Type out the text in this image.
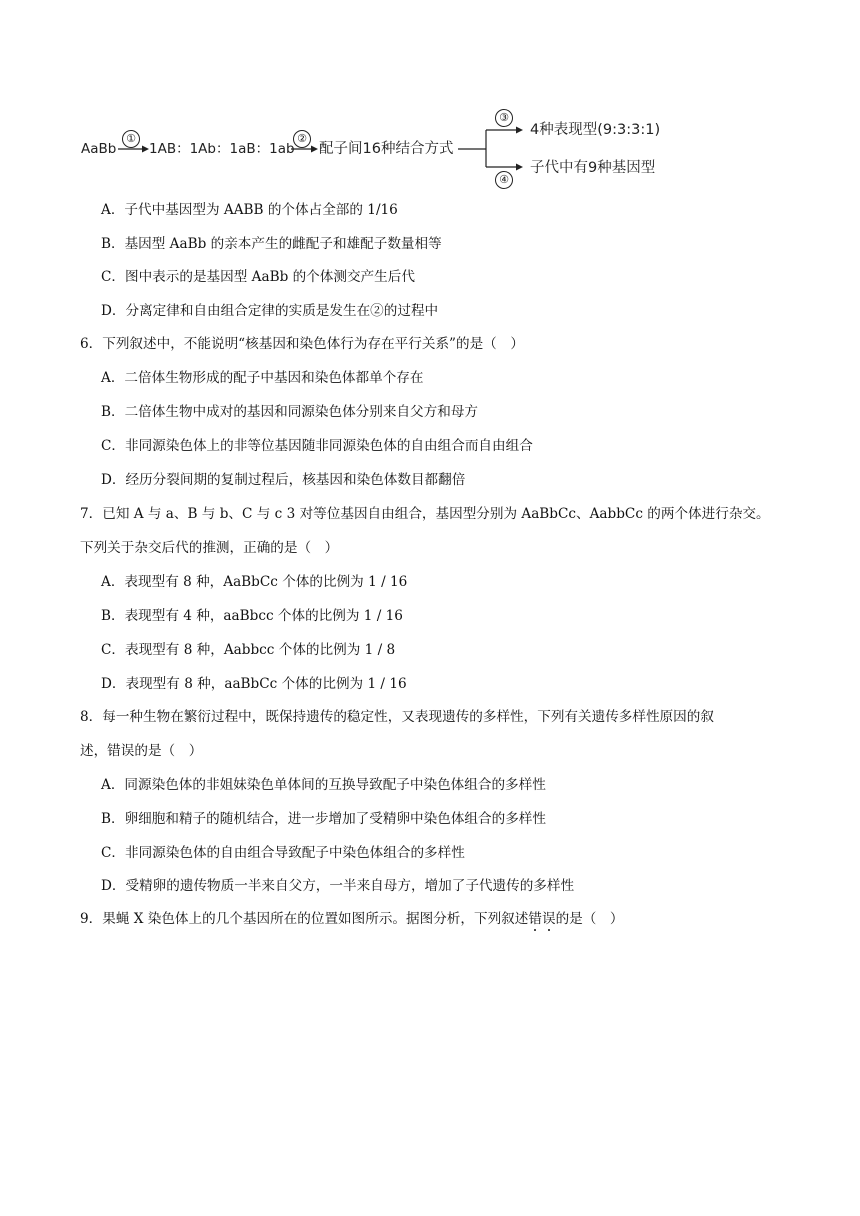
AaBb
①
1AB：1Ab：1aB：1ab
②
配子间16种结合方式
③
4种表现型(9:3:3:1)
④
子代中有9种基因型
A．子代中基因型为 AABB 的个体占全部的 1/16
B．基因型 AaBb 的亲本产生的雌配子和雄配子数量相等
C．图中表示的是基因型 AaBb 的个体测交产生后代
D．分离定律和自由组合定律的实质是发生在②的过程中
6．下列叙述中，不能说明“核基因和染色体行为存在平行关系”的是（　）
A．二倍体生物形成的配子中基因和染色体都单个存在
B．二倍体生物中成对的基因和同源染色体分别来自父方和母方
C．非同源染色体上的非等位基因随非同源染色体的自由组合而自由组合
D．经历分裂间期的复制过程后，核基因和染色体数目都翻倍
7．已知 A 与 a、B 与 b、C 与 c 3 对等位基因自由组合，基因型分别为 AaBbCc、AabbCc 的两个体进行杂交。
下列关于杂交后代的推测，正确的是（　）
A．表现型有 8 种，AaBbCc 个体的比例为 1 / 16
B．表现型有 4 种，aaBbcc 个体的比例为 1 / 16
C．表现型有 8 种，Aabbcc 个体的比例为 1 / 8
D．表现型有 8 种，aaBbCc 个体的比例为 1 / 16
8．每一种生物在繁衍过程中，既保持遗传的稳定性，又表现遗传的多样性，下列有关遗传多样性原因的叙
述，错误的是（　）
A．同源染色体的非姐妹染色单体间的互换导致配子中染色体组合的多样性
B．卵细胞和精子的随机结合，进一步增加了受精卵中染色体组合的多样性
C．非同源染色体的自由组合导致配子中染色体组合的多样性
D．受精卵的遗传物质一半来自父方，一半来自母方，增加了子代遗传的多样性
9．果蝇 X 染色体上的几个基因所在的位置如图所示。据图分析，下列叙述错误
的是（　）
